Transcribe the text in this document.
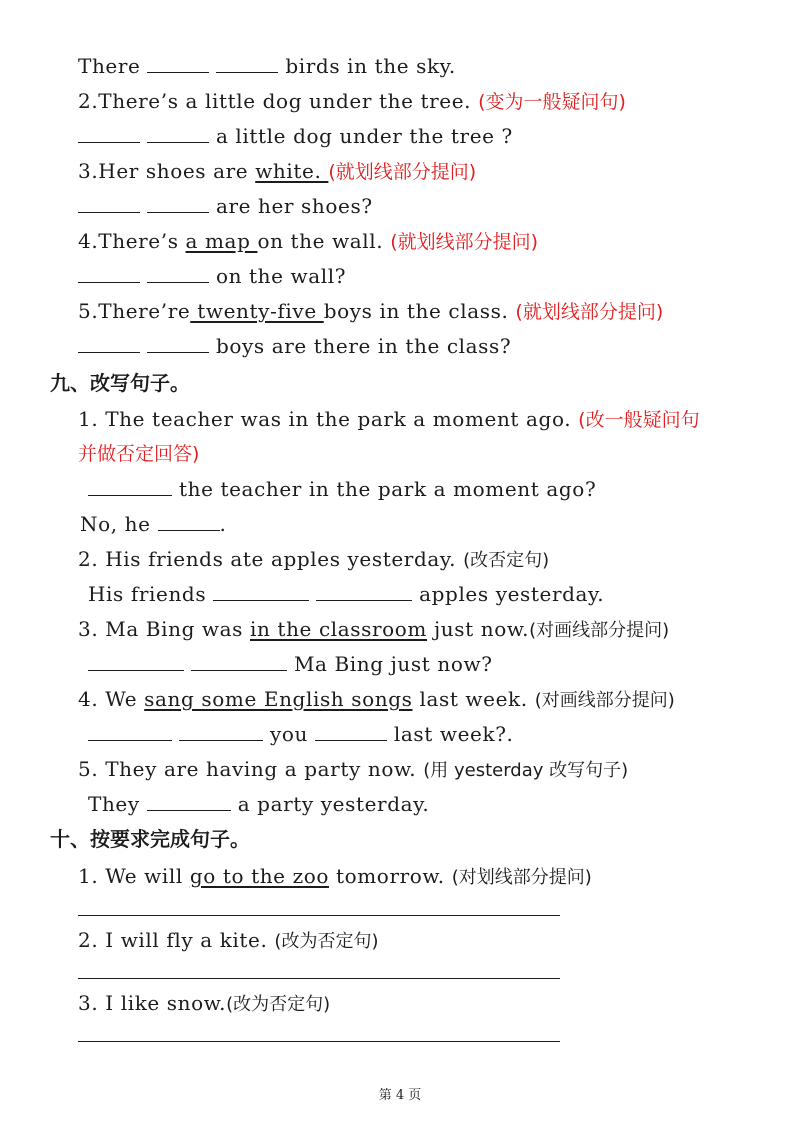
There	birds in the sky.
2.There’s a little dog under the tree. (变为一般疑问句)
a little dog under the tree ?
3.Her shoes are white. (就划线部分提问)
are her shoes?
4.There’s a map on the wall. (就划线部分提问)
on the wall?
5.There’re twenty-five boys in the class. (就划线部分提问)
boys are there in the class?
九、改写句子。
1. The teacher was in the park a moment ago. (改一般疑问句
并做否定回答)
the teacher in the park a moment ago?
No, he	.
2. His friends ate apples yesterday. (改否定句)
His friends	apples yesterday.
3. Ma Bing was in the classroom just now.(对画线部分提问)
Ma Bing just now?
4. We sang some English songs last week. (对画线部分提问)
you	last week?.
5. They are having a party now. (用 yesterday 改写句子)
They	a party yesterday.
十、按要求完成句子。
1. We will go to the zoo tomorrow. (对划线部分提问)
2. I will fly a kite. (改为否定句)
3. I like snow.(改为否定句)
第 4 页
